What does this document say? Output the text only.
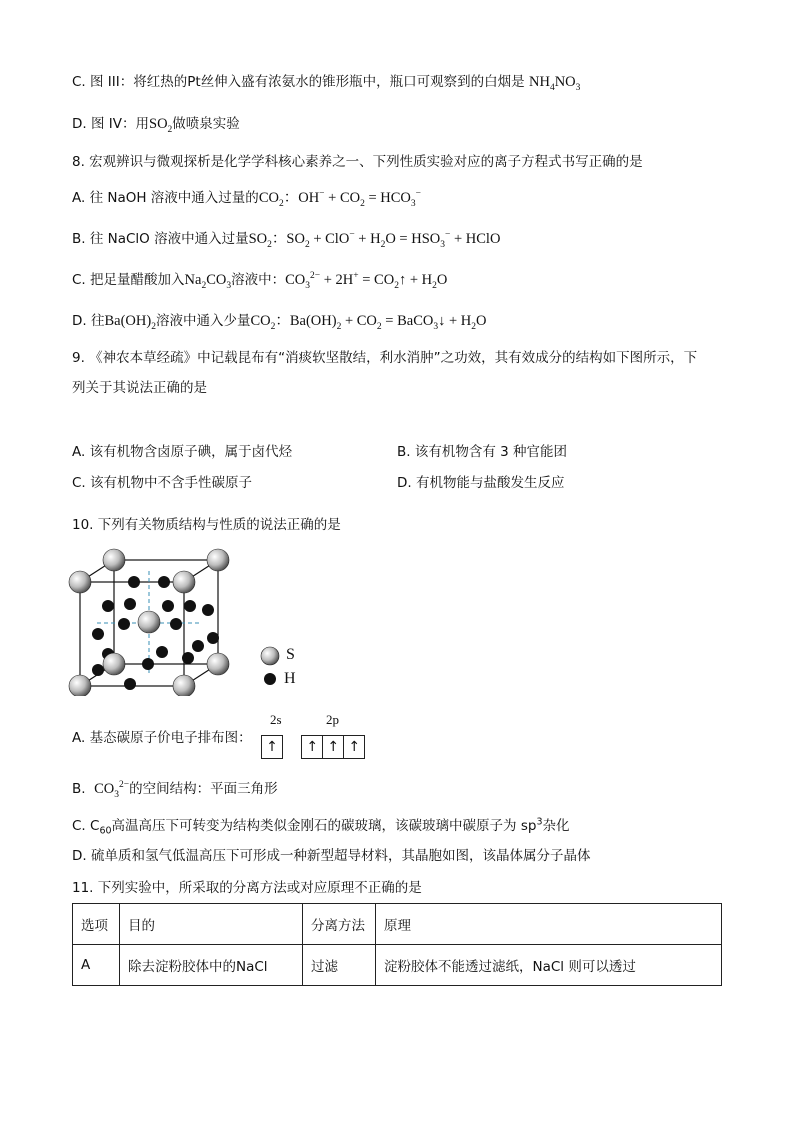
C. 图 III：将红热的Pt丝伸入盛有浓氨水的锥形瓶中，瓶口可观察到的白烟是 $NH_4NO_3$
D. 图 IV：用$SO_2$做喷泉实验
8. 宏观辨识与微观探析是化学学科核心素养之一、下列性质实验对应的离子方程式书写正确的是
A. 往 NaOH 溶液中通入过量的$CO_2$：$OH^- + CO_2 = HCO_3^-$
B. 往 NaClO 溶液中通入过量$SO_2$：$SO_2 + ClO^- + H_2O = HSO_3^-$ + HClO
C. 把足量醋酸加入$Na_2CO_3$溶液中：$CO_3^{2-} + 2H^+$ = $CO_2↑ + H_2O$
D. 往$Ba(OH)_2$溶液中通入少量$CO_2$：$Ba(OH)_2 + CO_2$ = BaCO$_3$↓ + $H_2O$
9. 《神农本草经疏》中记载昆布有“消痰软坚散结，利水消肿”之功效，其有效成分的结构如下图所示，下
列关于其说法正确的是
A. 该有机物含卤原子碘，属于卤代烃	B. 该有机物含有 3 种官能团
C. 该有机物中不含手性碳原子	D. 有机物能与盐酸发生反应
10. 下列有关物质结构与性质的说法正确的是
S
H
2s	2p
A. 基态碳原子价电子排布图：
↑
↑ ↑ ↑
B.  $CO_3^{2-}$的空间结构：平面三角形
C. $C_{60}$高温高压下可转变为结构类似金刚石的碳玻璃，该碳玻璃中碳原子为 $sp^3$杂化
D. 硫单质和氢气低温高压下可形成一种新型超导材料，其晶胞如图，该晶体属分子晶体
11. 下列实验中，所采取的分离方法或对应原理不正确的是
选项	目的	分离方法	原理
A	除去淀粉胶体中的NaCl	过滤	淀粉胶体不能透过滤纸，NaCl 则可以透过
